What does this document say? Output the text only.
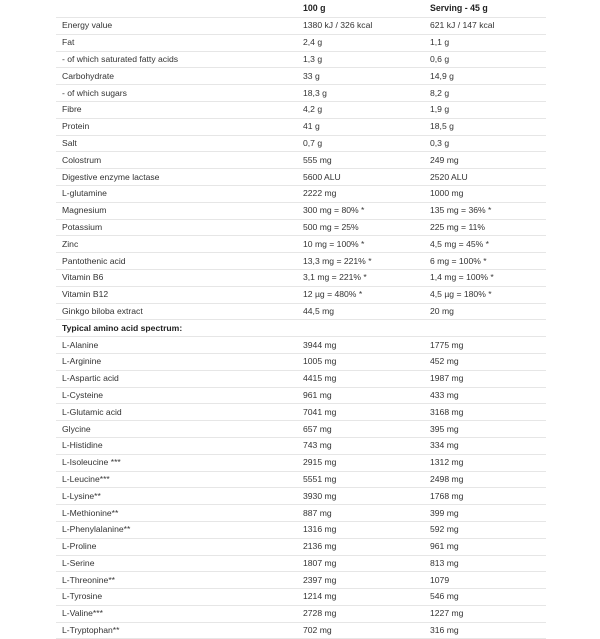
100 g	Serving - 45 g
Energy value	1380 kJ / 326 kcal	621 kJ / 147 kcal
Fat	2,4 g	1,1 g
- of which saturated fatty acids	1,3 g	0,6 g
Carbohydrate	33 g	14,9 g
- of which sugars	18,3 g	8,2 g
Fibre	4,2 g	1,9 g
Protein	41 g	18,5 g
Salt	0,7 g	0,3 g
Colostrum	555 mg	249 mg
Digestive enzyme lactase	5600 ALU	2520 ALU
L-glutamine	2222 mg	1000 mg
Magnesium	300 mg = 80% *	135 mg = 36% *
Potassium	500 mg = 25%	225 mg = 11%
Zinc	10 mg = 100% *	4,5 mg = 45% *
Pantothenic acid	13,3 mg = 221% *	6 mg = 100% *
Vitamin B6	3,1 mg = 221% *	1,4 mg = 100% *
Vitamin B12	12 µg = 480% *	4,5 µg = 180% *
Ginkgo biloba extract	44,5 mg	20 mg
Typical amino acid spectrum:
L-Alanine	3944 mg	1775 mg
L-Arginine	1005 mg	452 mg
L-Aspartic acid	4415 mg	1987 mg
L-Cysteine	961 mg	433 mg
L-Glutamic acid	7041 mg	3168 mg
Glycine	657 mg	395 mg
L-Histidine	743 mg	334 mg
L-Isoleucine ***	2915 mg	1312 mg
L-Leucine***	5551 mg	2498 mg
L-Lysine**	3930 mg	1768 mg
L-Methionine**	887 mg	399 mg
L-Phenylalanine**	1316 mg	592 mg
L-Proline	2136 mg	961 mg
L-Serine	1807 mg	813 mg
L-Threonine**	2397 mg	1079
L-Tyrosine	1214 mg	546 mg
L-Valine***	2728 mg	1227 mg
L-Tryptophan**	702 mg	316 mg
